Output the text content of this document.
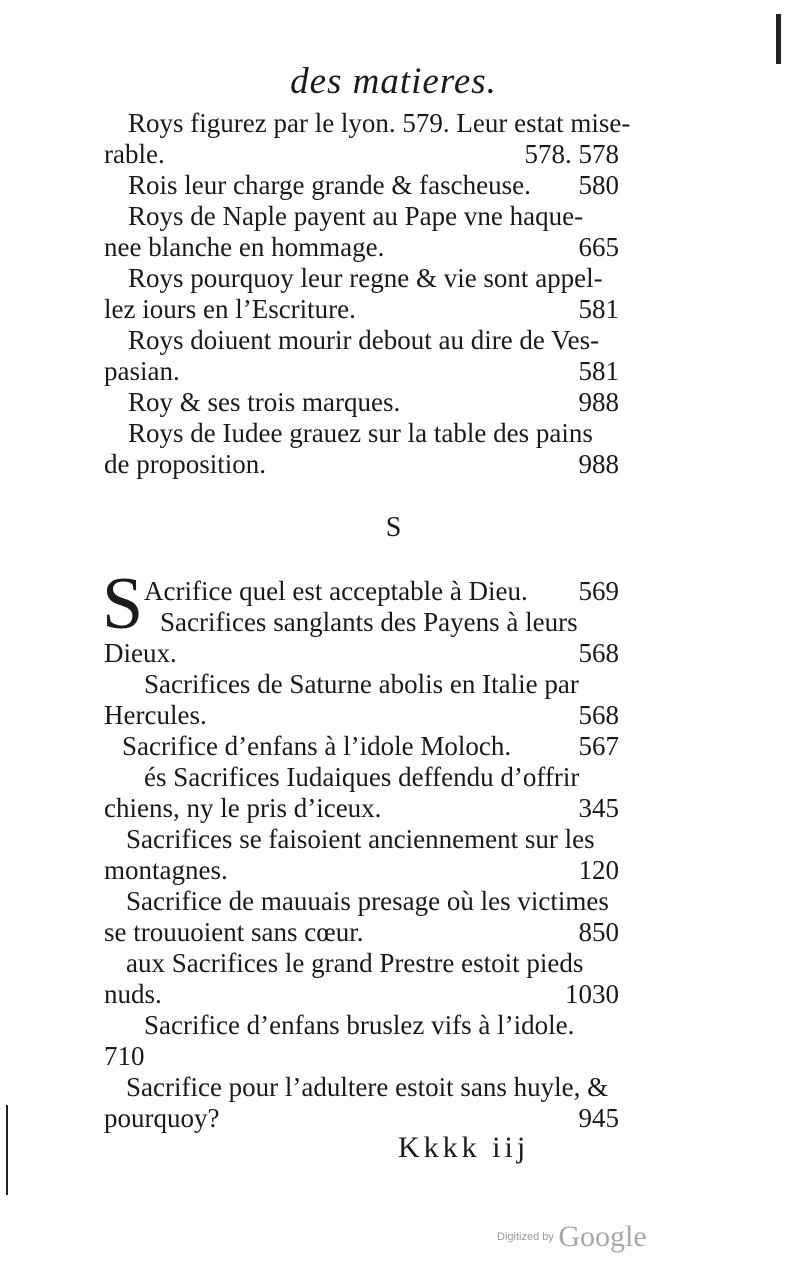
des matieres.
Roys figurez par le lyon. 579. Leur estat mise-
rable.	578. 578
Rois leur charge grande & fascheuse. 580
Roys de Naple payent au Pape vne haque-
nee blanche en hommage.	665
Roys pourquoy leur regne & vie sont appel-
lez iours en l’Escriture.	581
Roys doiuent mourir debout au dire de Ves-
pasian.	581
Roy & ses trois marques.	988
Roys de Iudee grauez sur la table des pains
de proposition.	988
S
S Acrifice quel est acceptable à Dieu. 569
Sacrifices sanglants des Payens à leurs
Dieux.	568
Sacrifices de Saturne abolis en Italie par
Hercules.	568
Sacrifice d’enfans à l’idole Moloch. 567
és Sacrifices Iudaiques deffendu d’offrir
chiens, ny le pris d’iceux.	345
Sacrifices se faisoient anciennement sur les
montagnes.	120
Sacrifice de mauuais presage où les victimes
se trouuoient sans cœur.	850
aux Sacrifices le grand Prestre estoit pieds
nuds.	1030
Sacrifice d’enfans bruslez vifs à l’idole.
710
Sacrifice pour l’adultere estoit sans huyle, &
pourquoy?	945
Kkkk iij
Digitized by Google
